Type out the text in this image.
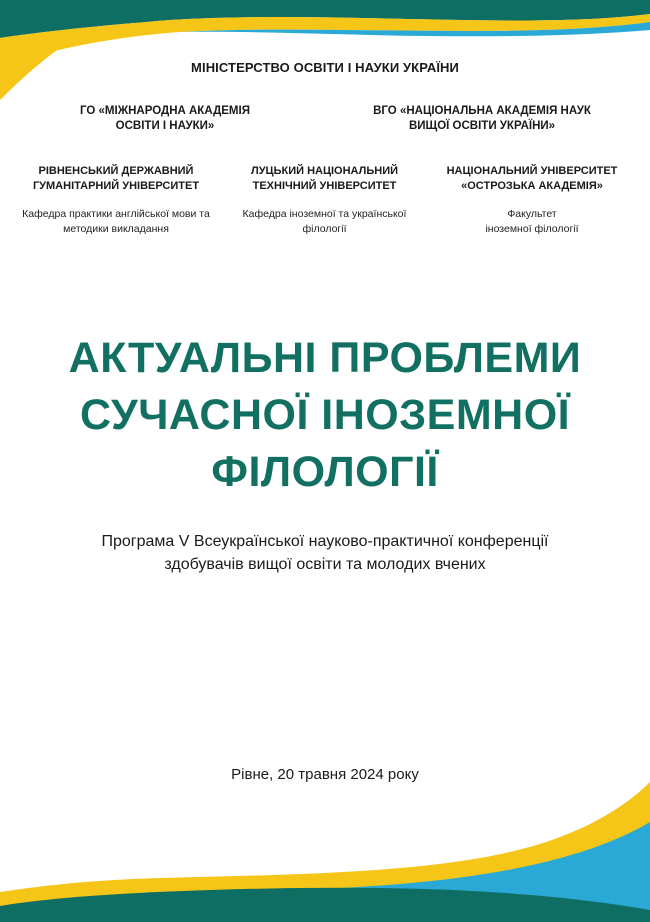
МІНІСТЕРСТВО ОСВІТИ І НАУКИ УКРАЇНИ
ГО «МІЖНАРОДНА АКАДЕМІЯ
ОСВІТИ І НАУКИ»
ВГО «НАЦІОНАЛЬНА АКАДЕМІЯ НАУК
ВИЩОЇ ОСВІТИ УКРАЇНИ»
РІВНЕНСЬКИЙ ДЕРЖАВНИЙ
ГУМАНІТАРНИЙ УНІВЕРСИТЕТ
Кафедра практики англійської мови та
методики викладання
ЛУЦЬКИЙ НАЦІОНАЛЬНИЙ
ТЕХНІЧНИЙ УНІВЕРСИТЕТ
Кафедра іноземної та української
філології
НАЦІОНАЛЬНИЙ УНІВЕРСИТЕТ
«ОСТРОЗЬКА АКАДЕМІЯ»
Факультет
іноземної філології
АКТУАЛЬНІ ПРОБЛЕМИ
СУЧАСНОЇ ІНОЗЕМНОЇ
ФІЛОЛОГІЇ
Програма V Всеукраїнської науково-практичної конференції
здобувачів вищої освіти та молодих вчених
Рівне, 20 травня 2024 року
